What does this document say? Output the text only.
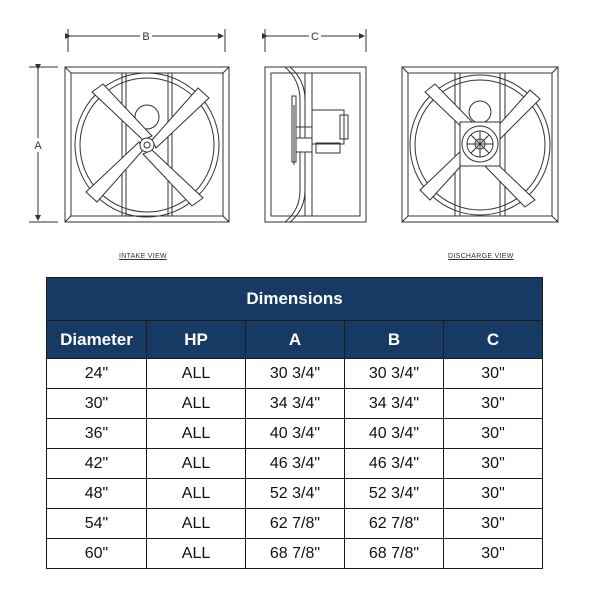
B
A
C
INTAKE VIEW	DISCHARGE VIEW
Dimensions				
Diameter	HP	A	B	C
24"	ALL	30 3/4"	30 3/4"	30"
30"	ALL	34 3/4"	34 3/4"	30"
36"	ALL	40 3/4"	40 3/4"	30"
42"	ALL	46 3/4"	46 3/4"	30"
48"	ALL	52 3/4"	52 3/4"	30"
54"	ALL	62 7/8"	62 7/8"	30"
60"	ALL	68 7/8"	68 7/8"	30"
